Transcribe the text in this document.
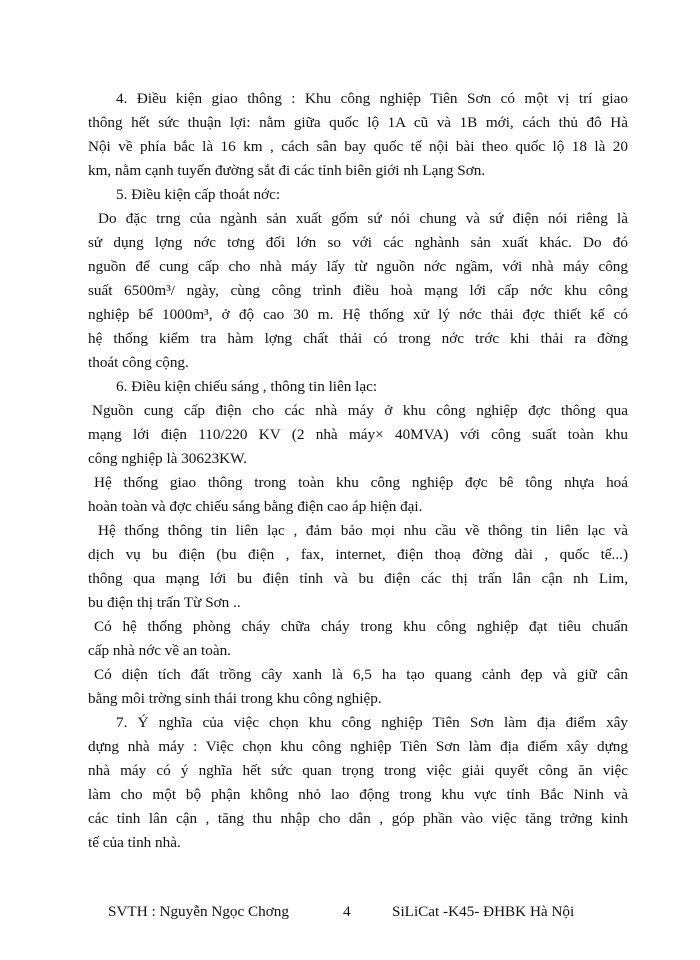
4. Điều kiện giao thông : Khu công nghiệp Tiên Sơn có một vị trí giao
thông hết sức thuận lợi: nằm giữa quốc lộ 1A cũ và 1B mới, cách thủ đô Hà
Nội về phía bắc là 16 km , cách sân bay quốc tế nội bài theo quốc lộ 18 là 20
km, nằm cạnh tuyến đường sắt đi các tỉnh biên giới nh Lạng Sơn.
5. Điều kiện cấp thoát nớc:
Do đặc trng của ngành sản xuất gốm sứ nói chung và sứ điện nói riêng là
sử dụng lợng nớc tơng đối lớn so với các nghành sản xuất khác. Do đó
nguồn để cung cấp cho nhà máy lấy từ nguồn nớc ngầm, với nhà máy công
suất 6500m³/ ngày, cùng công trình điều hoà mạng lới cấp nớc khu công
nghiệp bể 1000m³, ở độ cao 30 m. Hệ thống xử lý nớc thải đợc thiết kế có
hệ thống kiểm tra hàm lợng chất thải có trong nớc trớc khi thải ra đờng
thoát công cộng.
6. Điều kiện chiếu sáng , thông tin liên lạc:
Nguồn cung cấp điện cho các nhà máy ở khu công nghiệp đợc thông qua
mạng lới điện 110/220 KV (2 nhà máy× 40MVA) với công suất toàn khu
công nghiệp là 30623KW.
Hệ thống giao thông trong toàn khu công nghiệp đợc bê tông nhựa hoá
hoàn toàn và đợc chiếu sáng bằng điện cao áp hiện đại.
Hệ thống thông tin liên lạc , đảm bảo mọi nhu cầu về thông tin liên lạc và
dịch vụ bu điện (bu điện , fax, internet, điện thoạ đờng dài , quốc tế...)
thông qua mạng lới bu điện tỉnh và bu điện các thị trấn lân cận nh Lim,
bu điện thị trấn Từ Sơn ..
Có hệ thống phòng cháy chữa cháy trong khu công nghiệp đạt tiêu chuẩn
cấp nhà nớc về an toàn.
Có diện tích đất trồng cây xanh là 6,5 ha tạo quang cảnh đẹp và giữ cân
bằng môi trờng sinh thái trong khu công nghiệp.
7. Ý nghĩa của việc chọn khu công nghiệp Tiên Sơn làm địa điểm xây
dựng nhà máy : Việc chọn khu công nghiệp Tiên Sơn làm địa điểm xây dựng
nhà máy có ý nghĩa hết sức quan trọng trong việc giải quyết công ăn việc
làm cho một bộ phận không nhỏ lao động trong khu vực tỉnh Bắc Ninh và
các tỉnh lân cận , tăng thu nhập cho dân , góp phần vào việc tăng trởng kinh
tế của tỉnh nhà.
SVTH : Nguyễn Ngọc Chơng	4	SiLiCat -K45- ĐHBK Hà Nội
